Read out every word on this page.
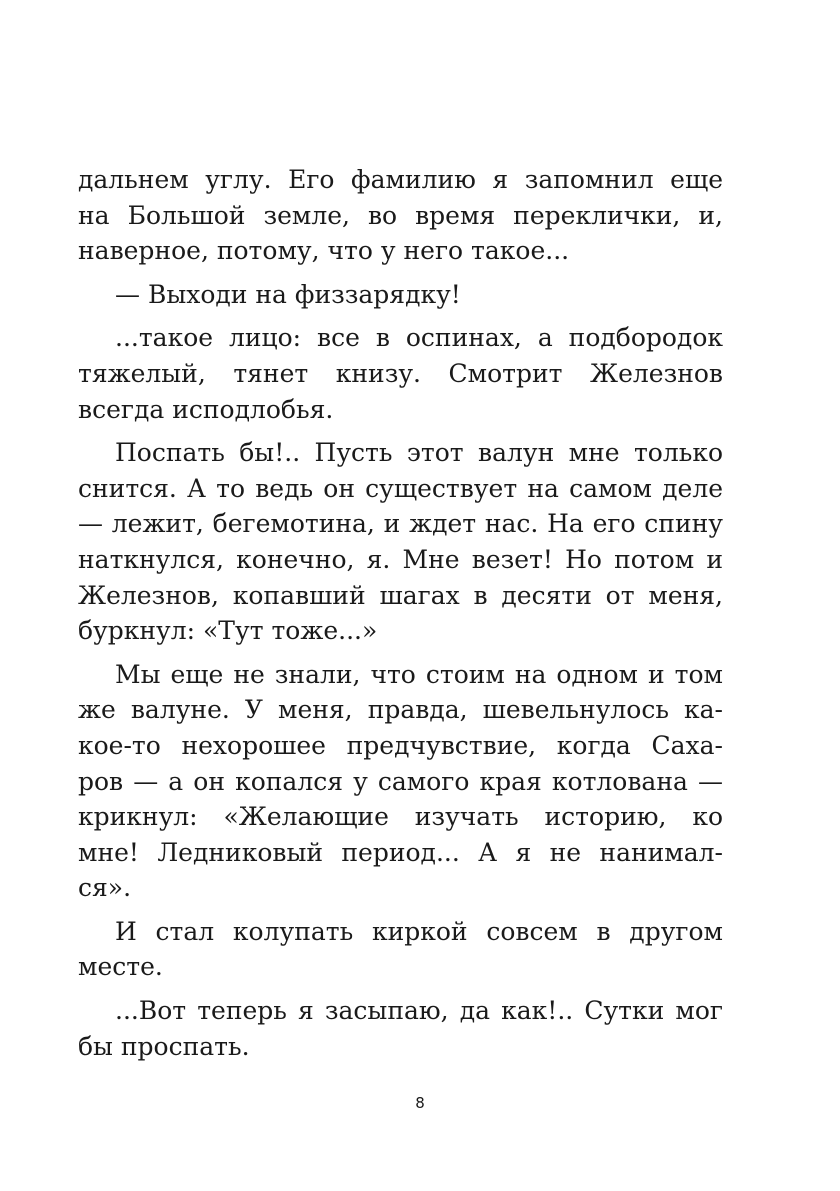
дальнем углу. Его фамилию я запомнил еще
на Большой земле, во время переклички, и,
наверное, потому, что у него такое...
— Выходи на физзарядку!
...такое лицо: все в оспинах, а подбородок
тяжелый, тянет книзу. Смотрит Железнов
всегда исподлобья.
Поспать бы!.. Пусть этот валун мне только
снится. А то ведь он существует на самом деле
— лежит, бегемотина, и ждет нас. На его спину
наткнулся, конечно, я. Мне везет! Но потом и
Железнов, копавший шагах в десяти от меня,
буркнул: «Тут тоже...»
Мы еще не знали, что стоим на одном и том
же валуне. У меня, правда, шевельнулось ка-
кое-то нехорошее предчувствие, когда Саха-
ров — а он копался у самого края котлована —
крикнул: «Желающие изучать историю, ко
мне! Ледниковый период... А я не нанимал-
ся».
И стал колупать киркой совсем в другом
месте.
...Вот теперь я засыпаю, да как!.. Сутки мог
бы проспать.
8
